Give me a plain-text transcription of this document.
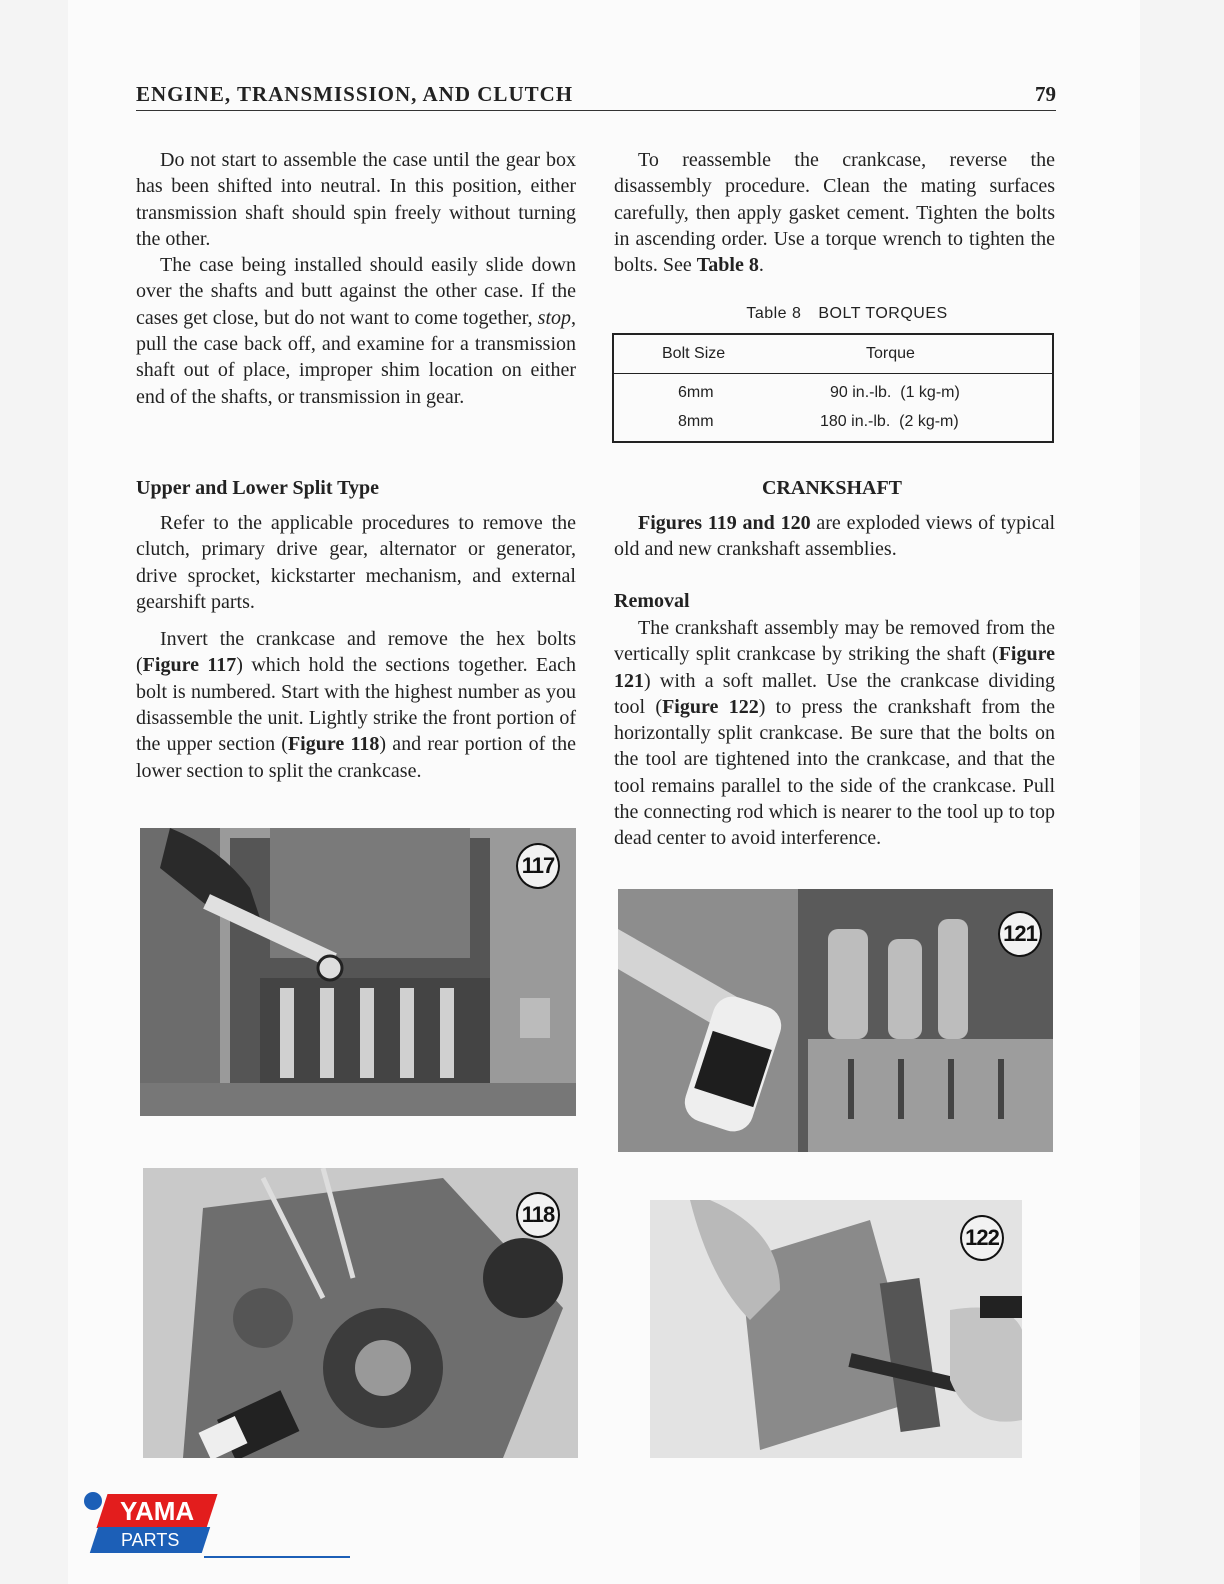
ENGINE, TRANSMISSION, AND CLUTCH	79

Do not start to assemble the case until the gear box has been shifted into neutral. In this position, either transmission shaft should spin freely without turning the other.

The case being installed should easily slide down over the shafts and butt against the other case. If the cases get close, but do not want to come together, stop, pull the case back off, and examine for a transmission shaft out of place, improper shim location on either end of the shafts, or transmission in gear.

Upper and Lower Split Type

Refer to the applicable procedures to remove the clutch, primary drive gear, alternator or generator, drive sprocket, kickstarter mechanism, and external gearshift parts.

Invert the crankcase and remove the hex bolts (Figure 117) which hold the sections together. Each bolt is numbered. Start with the highest number as you disassemble the unit. Lightly strike the front portion of the upper section (Figure 118) and rear portion of the lower section to split the crankcase.

To reassemble the crankcase, reverse the disassembly procedure. Clean the mating surfaces carefully, then apply gasket cement. Tighten the bolts in ascending order. Use a torque wrench to tighten the bolts. See Table 8.

Table 8 BOLT TORQUES
Bolt Size	Torque
6mm	90 in.-lb.  (1 kg-m)
8mm	180 in.-lb.  (2 kg-m)
CRANKSHAFT

Figures 119 and 120 are exploded views of typical old and new crankshaft assemblies.

Removal

The crankshaft assembly may be removed from the vertically split crankcase by striking the shaft (Figure 121) with a soft mallet. Use the crankcase dividing tool (Figure 122) to press the crankshaft from the horizontally split crankcase. Be sure that the bolts on the tool are tightened into the crankcase, and that the tool remains parallel to the side of the crankcase. Pull the connecting rod which is nearer to the tool up to top dead center to avoid interference.

117
118
121
122
YAMA
PARTS
